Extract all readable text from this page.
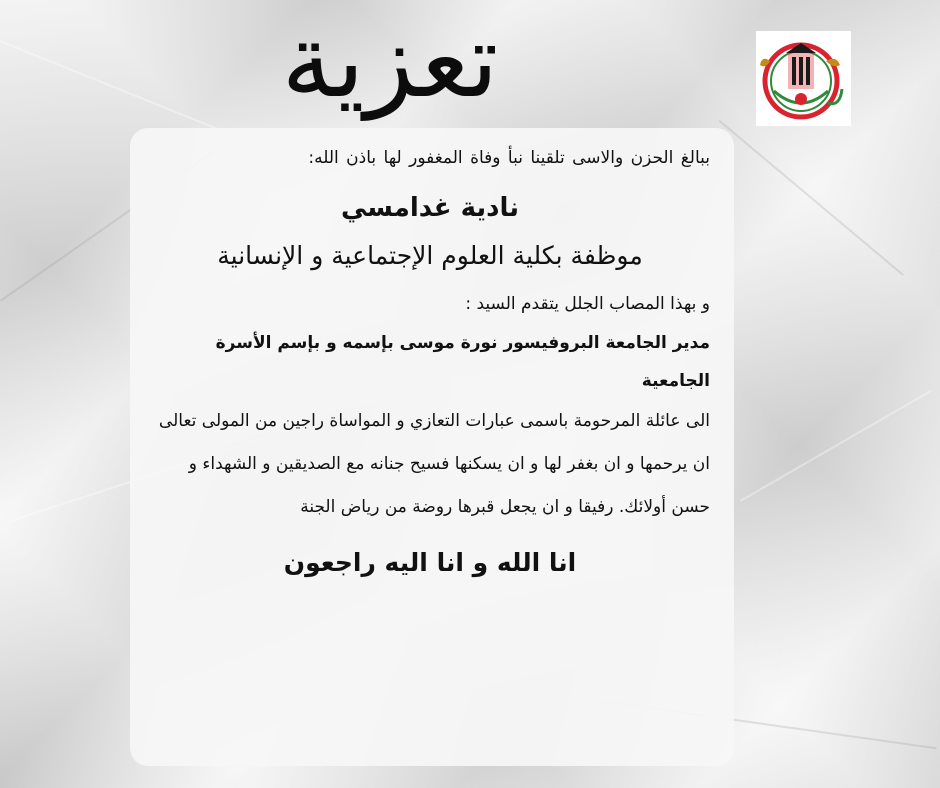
تعزية

ببالغ الحزن والاسى تلقينا نبأ وفاة المغفور لها باذن الله:

نادية غدامسي

موظفة بكلية العلوم الإجتماعية و الإنسانية

و بهذا المصاب الجلل يتقدم السيد :

مدير الجامعة البروفيسور نورة موسى بإسمه و بإسم الأسرة الجامعية

الى عائلة المرحومة باسمى عبارات التعازي و المواساة راجين من المولى تعالى ان يرحمها و ان بغفر لها و ان يسكنها فسيح جنانه مع الصديقين و الشهداء و حسن أولائك. رفيقا و ان يجعل قبرها روضة من رياض الجنة

انا الله و انا اليه راجعون
